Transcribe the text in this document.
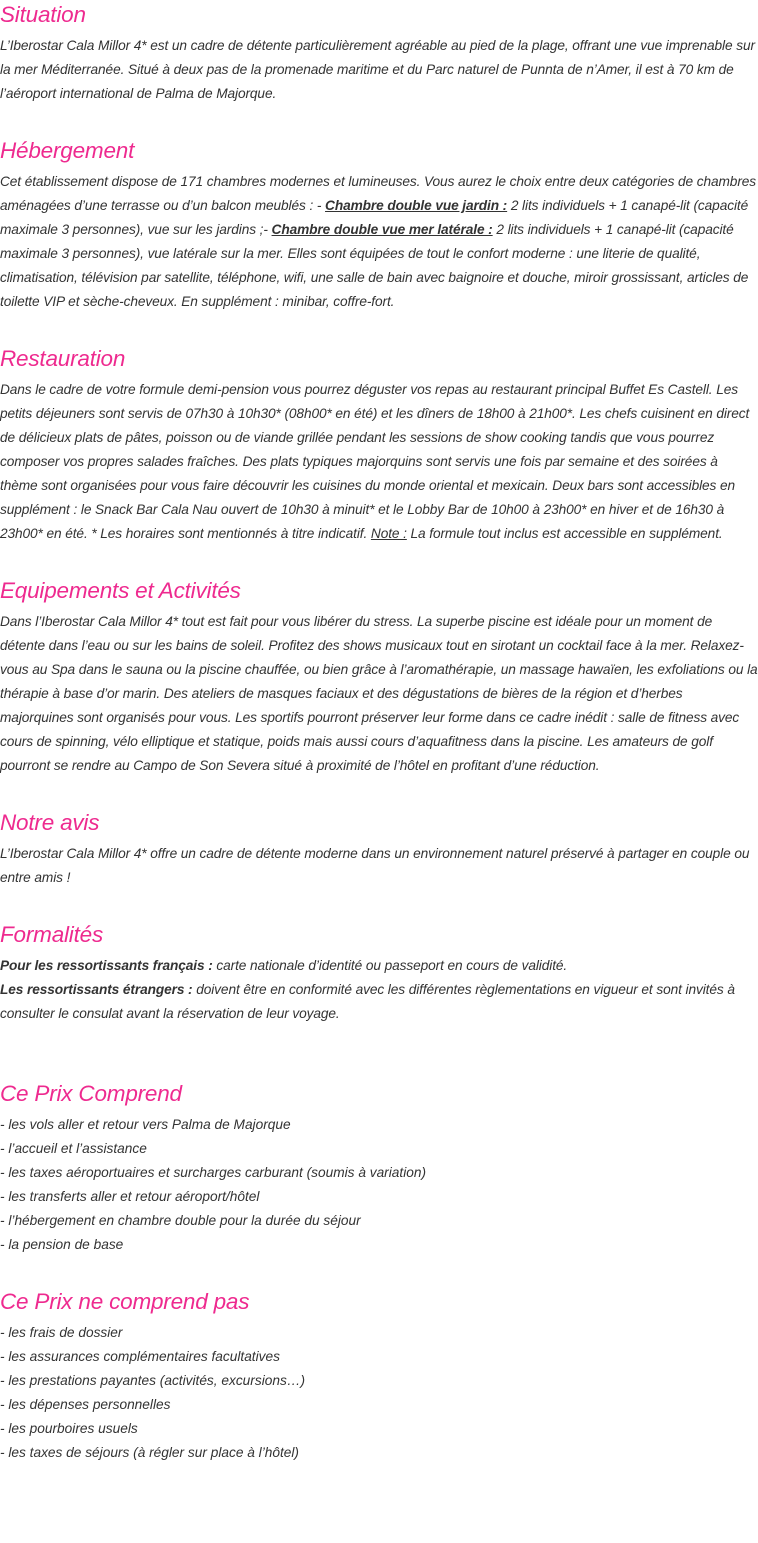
Situation

L’Iberostar Cala Millor 4* est un cadre de détente particulièrement agréable au pied de la plage, offrant une vue imprenable sur la mer Méditerranée. Situé à deux pas de la promenade maritime et du Parc naturel de Punnta de n’Amer, il est à 70 km de l’aéroport international de Palma de Majorque.

Hébergement

Cet établissement dispose de 171 chambres modernes et lumineuses. Vous aurez le choix entre deux catégories de chambres aménagées d’une terrasse ou d’un balcon meublés : - Chambre double vue jardin : 2 lits individuels + 1 canapé-lit (capacité maximale 3 personnes), vue sur les jardins ;- Chambre double vue mer latérale : 2 lits individuels + 1 canapé-lit (capacité maximale 3 personnes), vue latérale sur la mer. Elles sont équipées de tout le confort moderne : une literie de qualité, climatisation, télévision par satellite, téléphone, wifi, une salle de bain avec baignoire et douche, miroir grossissant, articles de toilette VIP et sèche-cheveux. En supplément : minibar, coffre-fort.

Restauration

Dans le cadre de votre formule demi-pension vous pourrez déguster vos repas au restaurant principal Buffet Es Castell. Les petits déjeuners sont servis de 07h30 à 10h30* (08h00* en été) et les dîners de 18h00 à 21h00*. Les chefs cuisinent en direct de délicieux plats de pâtes, poisson ou de viande grillée pendant les sessions de show cooking tandis que vous pourrez composer vos propres salades fraîches. Des plats typiques majorquins sont servis une fois par semaine et des soirées à thème sont organisées pour vous faire découvrir les cuisines du monde oriental et mexicain. Deux bars sont accessibles en supplément : le Snack Bar Cala Nau ouvert de 10h30 à minuit* et le Lobby Bar de 10h00 à 23h00* en hiver et de 16h30 à 23h00* en été. * Les horaires sont mentionnés à titre indicatif. Note : La formule tout inclus est accessible en supplément.

Equipements et Activités

Dans l’Iberostar Cala Millor 4* tout est fait pour vous libérer du stress. La superbe piscine est idéale pour un moment de détente dans l’eau ou sur les bains de soleil. Profitez des shows musicaux tout en sirotant un cocktail face à la mer. Relaxez-vous au Spa dans le sauna ou la piscine chauffée, ou bien grâce à l’aromathérapie, un massage hawaïen, les exfoliations ou la thérapie à base d’or marin. Des ateliers de masques faciaux et des dégustations de bières de la région et d’herbes majorquines sont organisés pour vous. Les sportifs pourront préserver leur forme dans ce cadre inédit : salle de fitness avec cours de spinning, vélo elliptique et statique, poids mais aussi cours d’aquafitness dans la piscine. Les amateurs de golf pourront se rendre au Campo de Son Severa situé à proximité de l’hôtel en profitant d’une réduction.

Notre avis

L’Iberostar Cala Millor 4* offre un cadre de détente moderne dans un environnement naturel préservé à partager en couple ou entre amis !

Formalités

Pour les ressortissants français : carte nationale d’identité ou passeport en cours de validité.
Les ressortissants étrangers : doivent être en conformité avec les différentes règlementations en vigueur et sont invités à consulter le consulat avant la réservation de leur voyage.

Ce Prix Comprend
- les vols aller et retour vers Palma de Majorque
- l’accueil et l’assistance
- les taxes aéroportuaires et surcharges carburant (soumis à variation)
- les transferts aller et retour aéroport/hôtel
- l’hébergement en chambre double pour la durée du séjour
- la pension de base
Ce Prix ne comprend pas
- les frais de dossier
- les assurances complémentaires facultatives
- les prestations payantes (activités, excursions…)
- les dépenses personnelles
- les pourboires usuels
- les taxes de séjours (à régler sur place à l’hôtel)
